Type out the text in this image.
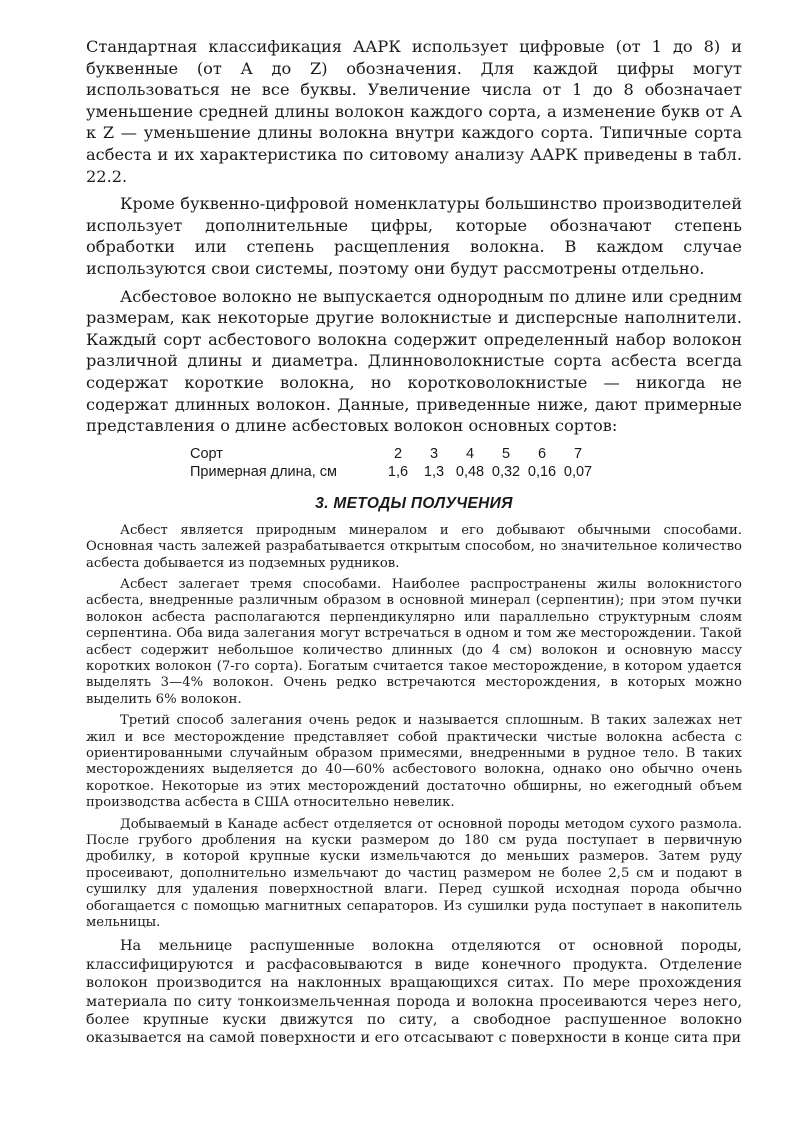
Стандартная классификация ААРК использует цифровые (от 1 до 8) и буквенные (от А до Z) обозначения. Для каждой цифры могут использоваться не все буквы. Увеличение числа от 1 до 8 обозначает уменьшение средней длины волокон каждого сорта, а изменение букв от А к Z — уменьшение длины волокна внутри каждого сорта. Типичные сорта асбеста и их характеристика по ситовому анализу ААРК приведены в табл. 22.2.

Кроме буквенно-цифровой номенклатуры большинство производителей использует дополнительные цифры, которые обозначают степень обработки или степень расщепления волокна. В каждом случае используются свои системы, поэтому они будут рассмотрены отдельно.

Асбестовое волокно не выпускается однородным по длине или средним размерам, как некоторые другие волокнистые и дисперсные наполнители. Каждый сорт асбестового волокна содержит определенный набор волокон различной длины и диаметра. Длинноволокнистые сорта асбеста всегда содержат короткие волокна, но коротковолокнистые — никогда не содержат длинных волокон. Данные, приведенные ниже, дают примерные представления о длине асбестовых волокон основных сортов:

Сорт	2	3	4	5	6	7
Примерная длина, см	1,6	1,3 0,48 0,32 0,16 0,07
3. МЕТОДЫ ПОЛУЧЕНИЯ

Асбест является природным минералом и его добывают обычными способами. Основная часть залежей разрабатывается открытым способом, но значительное количество асбеста добывается из подземных рудников.

Асбест залегает тремя способами. Наиболее распространены жилы волокнистого асбеста, внедренные различным образом в основной минерал (серпентин); при этом пучки волокон асбеста располагаются перпендикулярно или параллельно структурным слоям серпентина. Оба вида залегания могут встречаться в одном и том же месторождении. Такой асбест содержит небольшое количество длинных (до 4 см) волокон и основную массу коротких волокон (7-го сорта). Богатым считается такое месторождение, в котором удается выделять 3—4% волокон. Очень редко встречаются месторождения, в которых можно выделить 6% волокон.

Третий способ залегания очень редок и называется сплошным. В таких залежах нет жил и все месторождение представляет собой практически чистые волокна асбеста с ориентированными случайным образом примесями, внедренными в рудное тело. В таких месторождениях выделяется до 40—60% асбестового волокна, однако оно обычно очень короткое. Некоторые из этих месторождений достаточно обширны, но ежегодный объем производства асбеста в США относительно невелик.

Добываемый в Канаде асбест отделяется от основной породы методом сухого размола. После грубого дробления на куски размером до 180 см руда поступает в первичную дробилку, в которой крупные куски измельчаются до меньших размеров. Затем руду просеивают, дополнительно измельчают до частиц размером не более 2,5 см и подают в сушилку для удаления поверхностной влаги. Перед сушкой исходная порода обычно обогащается с помощью магнитных сепараторов. Из сушилки руда поступает в накопитель мельницы.

На мельнице распушенные волокна отделяются от основной породы, классифицируются и расфасовываются в виде конечного продукта. Отделение волокон производится на наклонных вращающихся ситах. По мере прохождения материала по ситу тонкоизмельченная порода и волокна просеиваются через него, более крупные куски движутся по ситу, а свободное распушенное волокно оказывается на самой поверхности и его отсасывают с поверхности в конце сита при
